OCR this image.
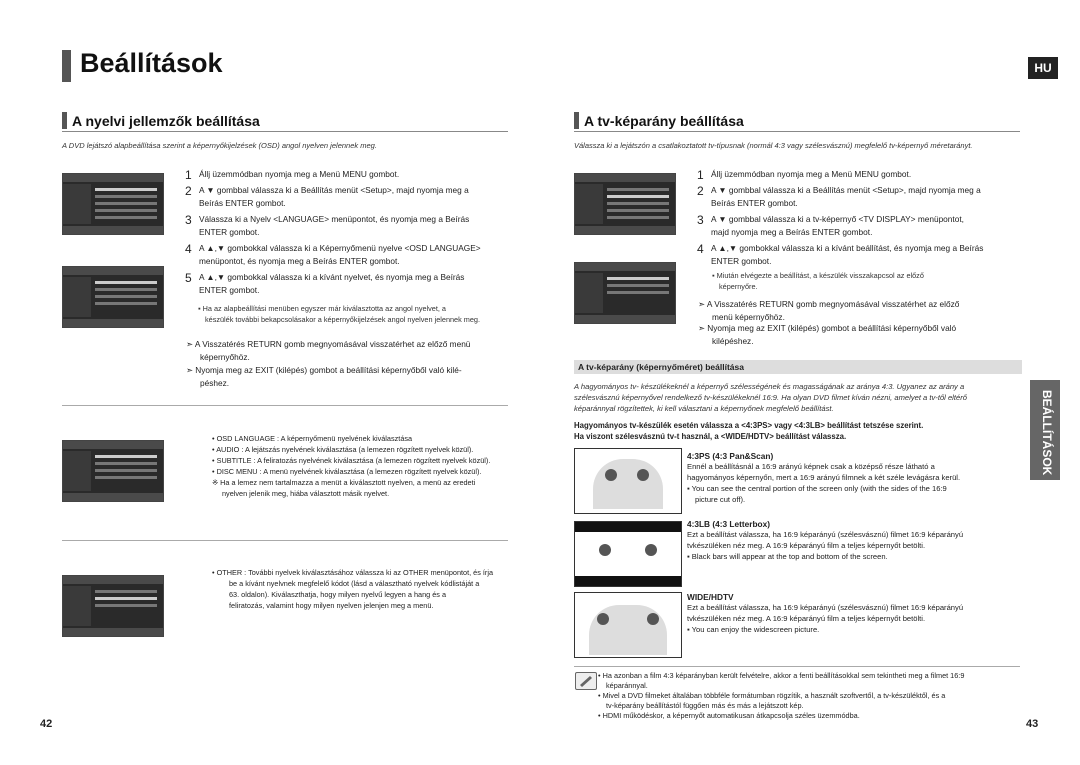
Beállítások	HU
A nyelvi jellemzők beállítása
A DVD lejátszó alapbeállítása szerint a képernyőkijelzések (OSD) angol nyelven jelennek meg.
1 Állj üzemmódban nyomja meg a Menü MENU gombot.
2 A ▼ gombbal válassza ki a Beállítás menüt <Setup>, majd nyomja meg a
Beírás ENTER gombot.
3 Válassza ki a Nyelv <LANGUAGE> menüpontot, és nyomja meg a Beírás
ENTER gombot.
4 A ▲,▼ gombokkal válassza ki a Képernyőmenü nyelve <OSD LANGUAGE>
menüpontot, és nyomja meg a Beírás ENTER gombot.
5 A ▲,▼ gombokkal válassza ki a kívánt nyelvet, és nyomja meg a Beírás
ENTER gombot.
▪ Ha az alapbeállítási menüben egyszer már kiválasztotta az angol nyelvet, a
készülék további bekapcsolásakor a képernyőkijelzések angol nyelven jelennek meg.
➣ A Visszatérés RETURN gomb megnyomásával visszatérhet az előző menü
képernyőhöz.
➣ Nyomja meg az EXIT (kilépés) gombot a beállítási képernyőből való kilé-
péshez.
• OSD LANGUAGE : A képernyőmenü nyelvének kiválasztása
• AUDIO : A lejátszás nyelvének kiválasztása (a lemezen rögzített nyelvek közül).
• SUBTITLE : A feliratozás nyelvének kiválasztása (a lemezen rögzített nyelvek közül).
• DISC MENU : A menü nyelvének kiválasztása (a lemezen rögzített nyelvek közül).
※ Ha a lemez nem tartalmazza a menüt a kiválasztott nyelven, a menü az eredeti
nyelven jelenik meg, hiába választott másik nyelvet.
• OTHER : További nyelvek kiválasztásához válassza ki az OTHER menüpontot, és írja
be a kívánt nyelvnek megfelelő kódot (lásd a választható nyelvek kódlistáját a
63. oldalon). Kiválaszthatja, hogy milyen nyelvű legyen a hang és a
feliratozás, valamint hogy milyen nyelven jelenjen meg a menü.
42
A tv-képarány beállítása
Válassza ki a lejátszón a csatlakoztatott tv-típusnak (normál 4:3 vagy szélesvásznú) megfelelő tv-képernyő méretarányt.
1 Állj üzemmódban nyomja meg a Menü MENU gombot.
2 A ▼ gombbal válassza ki a Beállítás menüt <Setup>, majd nyomja meg a
Beírás ENTER gombot.
3 A ▼ gombbal válassza ki a tv-képernyő <TV DISPLAY> menüpontot,
majd nyomja meg a Beírás ENTER gombot.
4 A ▲,▼ gombokkal válassza ki a kívánt beállítást, és nyomja meg a Beírás
ENTER gombot.
▪ Miután elvégezte a beállítást, a készülék visszakapcsol az előző
képernyőre.
➣ A Visszatérés RETURN gomb megnyomásával visszatérhet az előző
menü képernyőhöz.
➣ Nyomja meg az EXIT (kilépés) gombot a beállítási képernyőből való
kilépéshez.
A tv-képarány (képernyőméret) beállítása
A hagyományos tv- készülékeknél a képernyő szélességének és magasságának az aránya 4:3. Ugyanez az arány a
szélesvásznú képernyővel rendelkező tv-készülékeknél 16:9. Ha olyan DVD filmet kíván nézni, amelyet a tv-től eltérő
képaránnyal rögzítettek, ki kell választani a képernyőnek megfelelő beállítást.
Hagyományos tv-készülék esetén válassza a <4:3PS> vagy <4:3LB> beállítást tetszése szerint.
Ha viszont szélesvásznú tv-t használ, a <WIDE/HDTV> beállítást válassza.
4:3PS (4:3 Pan&Scan)
Ennél a beállításnál a 16:9 arányú képnek csak a középső része látható a
hagyományos képernyőn, mert a 16:9 arányú filmnek a két széle levágásra kerül.
▪ You can see the central portion of the screen only (with the sides of the 16:9
picture cut off).
4:3LB (4:3 Letterbox)
Ezt a beállítást válassza, ha 16:9 képarányú (szélesvásznú) filmet 16:9 képarányú
tvkészüléken néz meg. A 16:9 képarányú film a teljes képernyőt betölti.
▪ Black bars will appear at the top and bottom of the screen.
WIDE/HDTV
Ezt a beállítást válassza, ha 16:9 képarányú (szélesvásznú) filmet 16:9 képarányú
tvkészüléken néz meg. A 16:9 képarányú film a teljes képernyőt betölti.
▪ You can enjoy the widescreen picture.
• Ha azonban a film 4:3 képarányban került felvételre, akkor a fenti beállításokkal sem tekintheti meg a filmet 16:9
képaránnyal.
• Mivel a DVD filmeket általában többféle formátumban rögzítik, a használt szoftvertől, a tv-készüléktől, és a
tv-képarány beállítástól függően más és más a lejátszott kép.
• HDMI működéskor, a képernyőt automatikusan átkapcsolja széles üzemmódba.
BEÁLLÍTÁSOK
43
